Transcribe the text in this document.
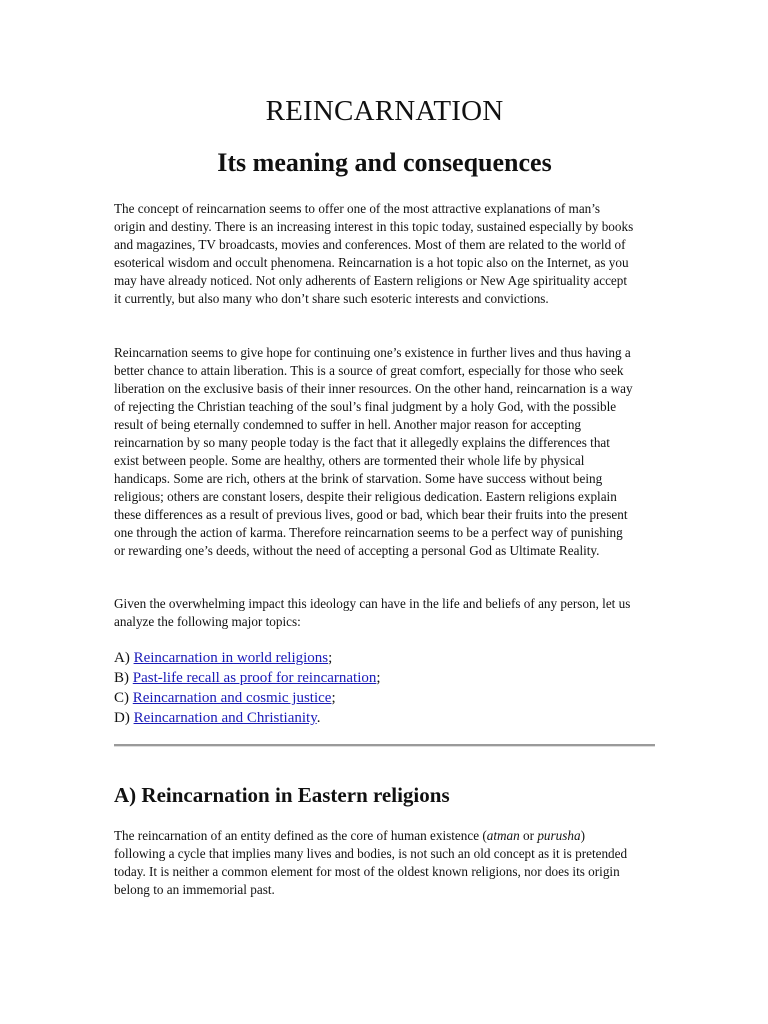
REINCARNATION
Its meaning and consequences

The concept of reincarnation seems to offer one of the most attractive explanations of man’s origin and destiny. There is an increasing interest in this topic today, sustained especially by books and magazines, TV broadcasts, movies and conferences. Most of them are related to the world of esoterical wisdom and occult phenomena. Reincarnation is a hot topic also on the Internet, as you may have already noticed. Not only adherents of Eastern religions or New Age spirituality accept it currently, but also many who don’t share such esoteric interests and convictions.

Reincarnation seems to give hope for continuing one’s existence in further lives and thus having a better chance to attain liberation. This is a source of great comfort, especially for those who seek liberation on the exclusive basis of their inner resources. On the other hand, reincarnation is a way of rejecting the Christian teaching of the soul’s final judgment by a holy God, with the possible result of being eternally condemned to suffer in hell. Another major reason for accepting reincarnation by so many people today is the fact that it allegedly explains the differences that exist between people. Some are healthy, others are tormented their whole life by physical handicaps. Some are rich, others at the brink of starvation. Some have success without being religious; others are constant losers, despite their religious dedication. Eastern religions explain these differences as a result of previous lives, good or bad, which bear their fruits into the present one through the action of karma. Therefore reincarnation seems to be a perfect way of punishing or rewarding one’s deeds, without the need of accepting a personal God as Ultimate Reality.

Given the overwhelming impact this ideology can have in the life and beliefs of any person, let us analyze the following major topics:

A) Reincarnation in world religions;
B) Past-life recall as proof for reincarnation;
C) Reincarnation and cosmic justice;
D) Reincarnation and Christianity.
A) Reincarnation in Eastern religions

The reincarnation of an entity defined as the core of human existence (atman or purusha) following a cycle that implies many lives and bodies, is not such an old concept as it is pretended today. It is neither a common element for most of the oldest known religions, nor does its origin belong to an immemorial past.
